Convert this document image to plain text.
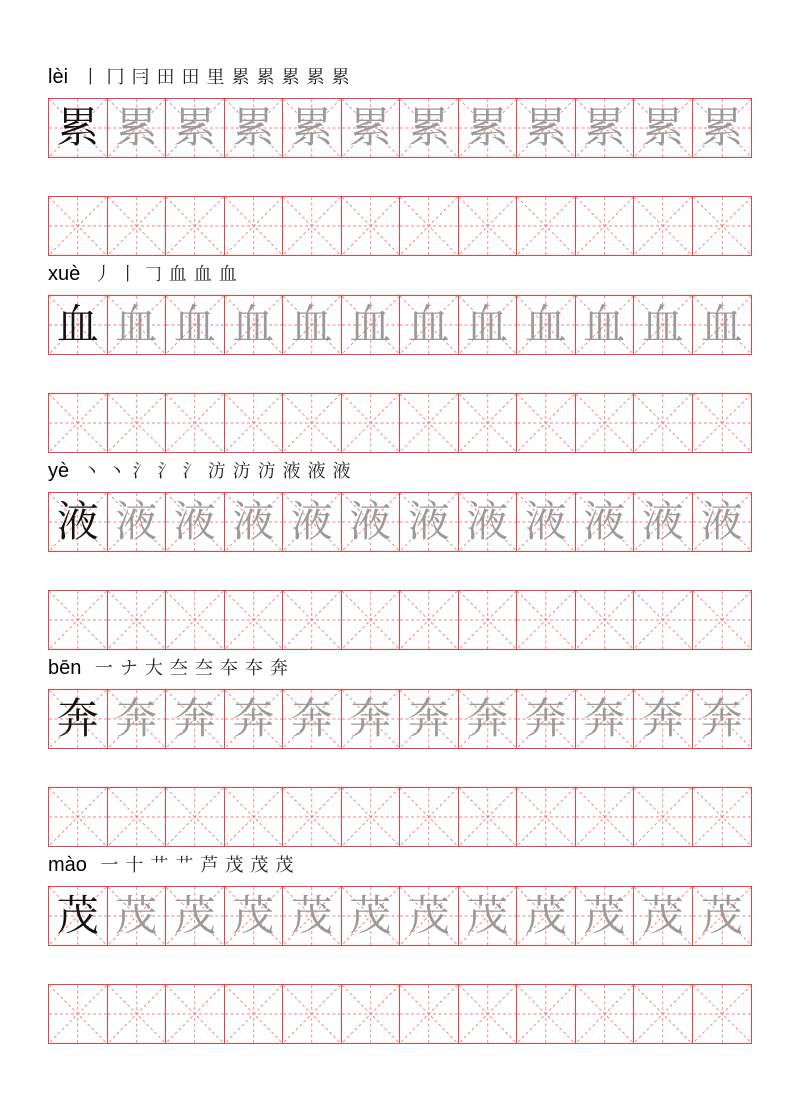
lèi 丨 冂 冃 田 田 里 累 累 累 累 累
累 累 累 累 累 累 累 累 累 累 累 累
xuè 丿 丨 𠃌 血 血 血
血 血 血 血 血 血 血 血 血 血 血 血
yè 丶 丶 氵 氵 氵 汸 汸 汸 液 液 液
液 液 液 液 液 液 液 液 液 液 液 液
bēn 一 ナ 大 夳 夳 夲 夲 奔
奔 奔 奔 奔 奔 奔 奔 奔 奔 奔 奔 奔
mào 一 十 艹 艹 芦 茂 茂 茂
茂 茂 茂 茂 茂 茂 茂 茂 茂 茂 茂 茂
